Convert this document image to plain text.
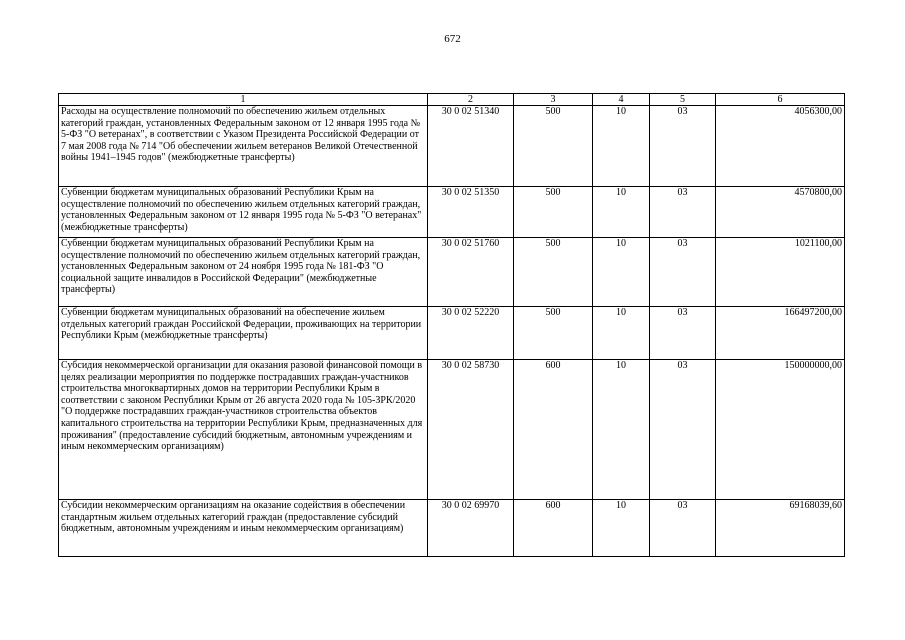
672
1	2	3	4	5	6
Расходы на осуществление полномочий по обеспечению жильем отдельных категорий граждан, установленных Федеральным законом от 12 января 1995 года № 5-ФЗ "О ветеранах", в соответствии с Указом Президента Российской Федерации от 7 мая 2008 года № 714 "Об обеспечении жильем ветеранов Великой Отечественной войны 1941–1945 годов" (межбюджетные трансферты)	30 0 02 51340	500	10	03	4056300,00
Субвенции бюджетам муниципальных образований Республики Крым на осуществление полномочий по обеспечению жильем отдельных категорий граждан, установленных Федеральным законом от 12 января 1995 года № 5-ФЗ "О ветеранах" (межбюджетные трансферты)	30 0 02 51350	500	10	03	4570800,00
Субвенции бюджетам муниципальных образований Республики Крым на осуществление полномочий по обеспечению жильем отдельных категорий граждан, установленных Федеральным законом от 24 ноября 1995 года № 181-ФЗ "О социальной защите инвалидов в Российской Федерации" (межбюджетные трансферты)	30 0 02 51760	500	10	03	1021100,00
Субвенции бюджетам муниципальных образований на обеспечение жильем отдельных категорий граждан Российской Федерации, проживающих на территории Республики Крым (межбюджетные трансферты)	30 0 02 52220	500	10	03	166497200,00
Субсидия некоммерческой организации для оказания разовой финансовой помощи в целях реализации мероприятия по поддержке пострадавших граждан-участников строительства многоквартирных домов на территории Республики Крым в соответствии с законом Республики Крым от 26 августа 2020 года № 105-ЗРК/2020 "О поддержке пострадавших граждан-участников строительства объектов капитального строительства на территории Республики Крым, предназначенных для проживания" (предоставление субсидий бюджетным, автономным учреждениям и иным некоммерческим организациям)	30 0 02 58730	600	10	03	150000000,00
Субсидии некоммерческим организациям на оказание содействия в обеспечении стандартным жильем отдельных категорий граждан (предоставление субсидий бюджетным, автономным учреждениям и иным некоммерческим организациям)	30 0 02 69970	600	10	03	69168039,60
